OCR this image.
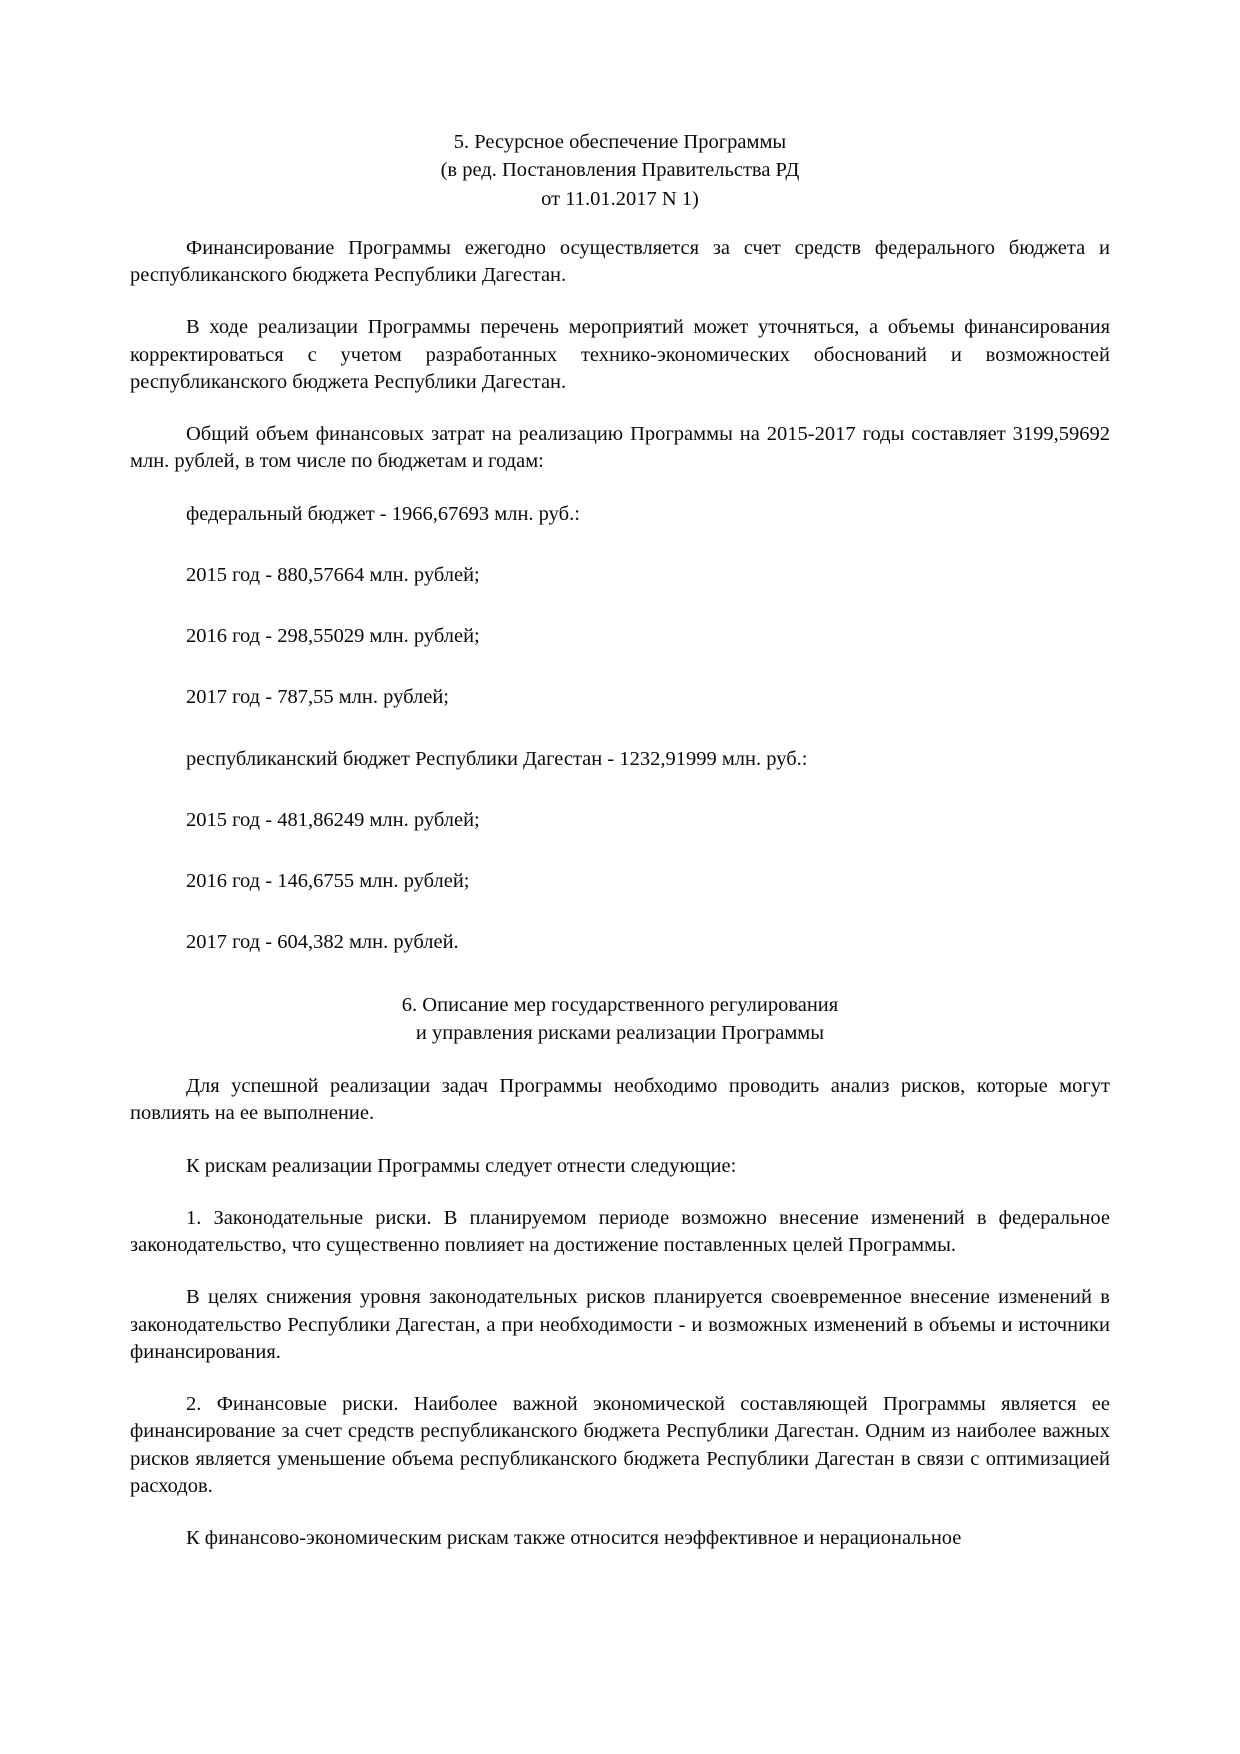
5. Ресурсное обеспечение Программы
(в ред. Постановления Правительства РД
от 11.01.2017 N 1)

Финансирование Программы ежегодно осуществляется за счет средств федерального бюджета и республиканского бюджета Республики Дагестан.

В ходе реализации Программы перечень мероприятий может уточняться, а объемы финансирования корректироваться с учетом разработанных технико-экономических обоснований и возможностей республиканского бюджета Республики Дагестан.

Общий объем финансовых затрат на реализацию Программы на 2015-2017 годы составляет 3199,59692 млн. рублей, в том числе по бюджетам и годам:

федеральный бюджет - 1966,67693 млн. руб.:

2015 год - 880,57664 млн. рублей;

2016 год - 298,55029 млн. рублей;

2017 год - 787,55 млн. рублей;

республиканский бюджет Республики Дагестан - 1232,91999 млн. руб.:

2015 год - 481,86249 млн. рублей;

2016 год - 146,6755 млн. рублей;

2017 год - 604,382 млн. рублей.

6. Описание мер государственного регулирования
и управления рисками реализации Программы

Для успешной реализации задач Программы необходимо проводить анализ рисков, которые могут повлиять на ее выполнение.

К рискам реализации Программы следует отнести следующие:

1. Законодательные риски. В планируемом периоде возможно внесение изменений в федеральное законодательство, что существенно повлияет на достижение поставленных целей Программы.

В целях снижения уровня законодательных рисков планируется своевременное внесение изменений в законодательство Республики Дагестан, а при необходимости - и возможных изменений в объемы и источники финансирования.

2. Финансовые риски. Наиболее важной экономической составляющей Программы является ее финансирование за счет средств республиканского бюджета Республики Дагестан. Одним из наиболее важных рисков является уменьшение объема республиканского бюджета Республики Дагестан в связи с оптимизацией расходов.

К финансово-экономическим рискам также относится неэффективное и нерациональное
